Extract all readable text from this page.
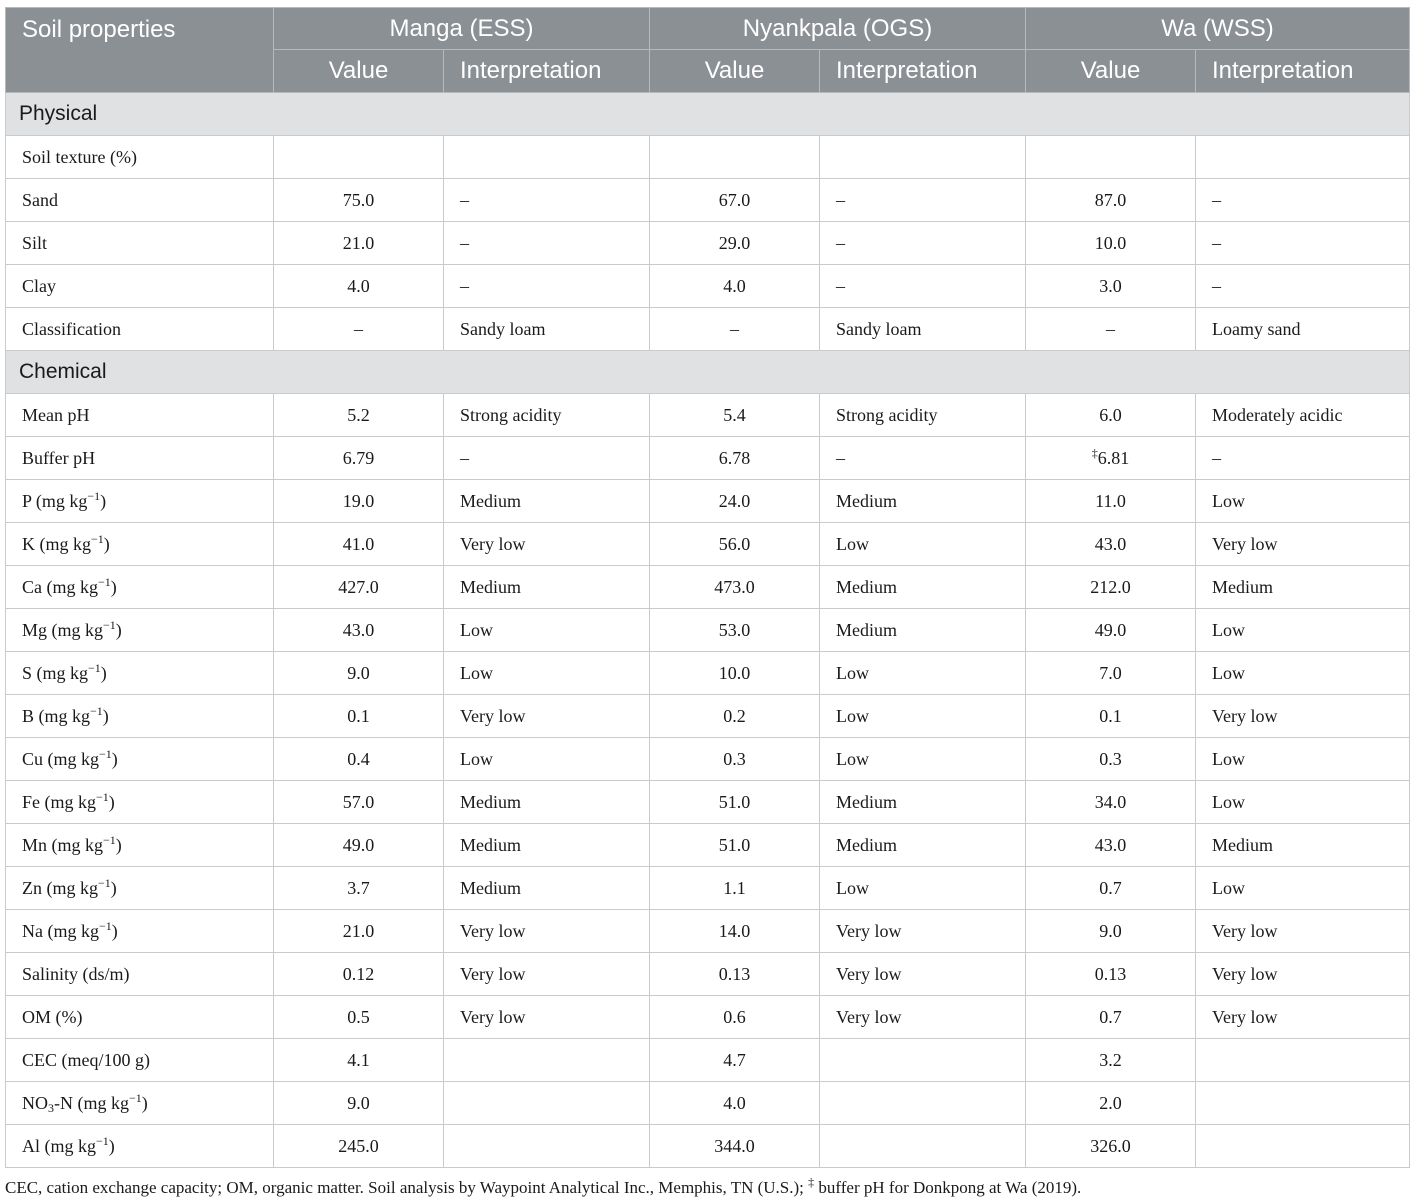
Soil properties	Manga (ESS)		Nyankpala (OGS)		Wa (WSS)	
	Value	Interpretation	Value	Interpretation	Value	Interpretation
Physical						
Soil texture (%)						
Sand	75.0	–	67.0	–	87.0	–
Silt	21.0	–	29.0	–	10.0	–
Clay	4.0	–	4.0	–	3.0	–
Classification	–	Sandy loam	–	Sandy loam	–	Loamy sand
Chemical						
Mean pH	5.2	Strong acidity	5.4	Strong acidity	6.0	Moderately acidic
Buffer pH	6.79	–	6.78	–	‡6.81	–
P (mg $kg^{-1}$)	19.0	Medium	24.0	Medium	11.0	Low
K (mg $kg^{-1}$)	41.0	Very low	56.0	Low	43.0	Very low
Ca (mg $kg^{-1}$)	427.0	Medium	473.0	Medium	212.0	Medium
Mg (mg $kg^{-1}$)	43.0	Low	53.0	Medium	49.0	Low
S (mg $kg^{-1}$)	9.0	Low	10.0	Low	7.0	Low
B (mg $kg^{-1}$)	0.1	Very low	0.2	Low	0.1	Very low
Cu (mg $kg^{-1}$)	0.4	Low	0.3	Low	0.3	Low
Fe (mg $kg^{-1}$)	57.0	Medium	51.0	Medium	34.0	Low
Mn (mg $kg^{-1}$)	49.0	Medium	51.0	Medium	43.0	Medium
Zn (mg $kg^{-1}$)	3.7	Medium	1.1	Low	0.7	Low
Na (mg $kg^{-1}$)	21.0	Very low	14.0	Very low	9.0	Very low
Salinity (ds/m)	0.12	Very low	0.13	Very low	0.13	Very low
OM (%)	0.5	Very low	0.6	Very low	0.7	Very low
CEC (meq/100 g)	4.1		4.7		3.2	
$NO_3-N$ (mg $kg^{-1}$)	9.0		4.0		2.0	
Al (mg $kg^{-1}$)	245.0		344.0		326.0	
CEC, cation exchange capacity; OM, organic matter. Soil analysis by Waypoint Analytical Inc., Memphis, TN (U.S.); ‡ buffer pH for Donkpong at Wa (2019).
